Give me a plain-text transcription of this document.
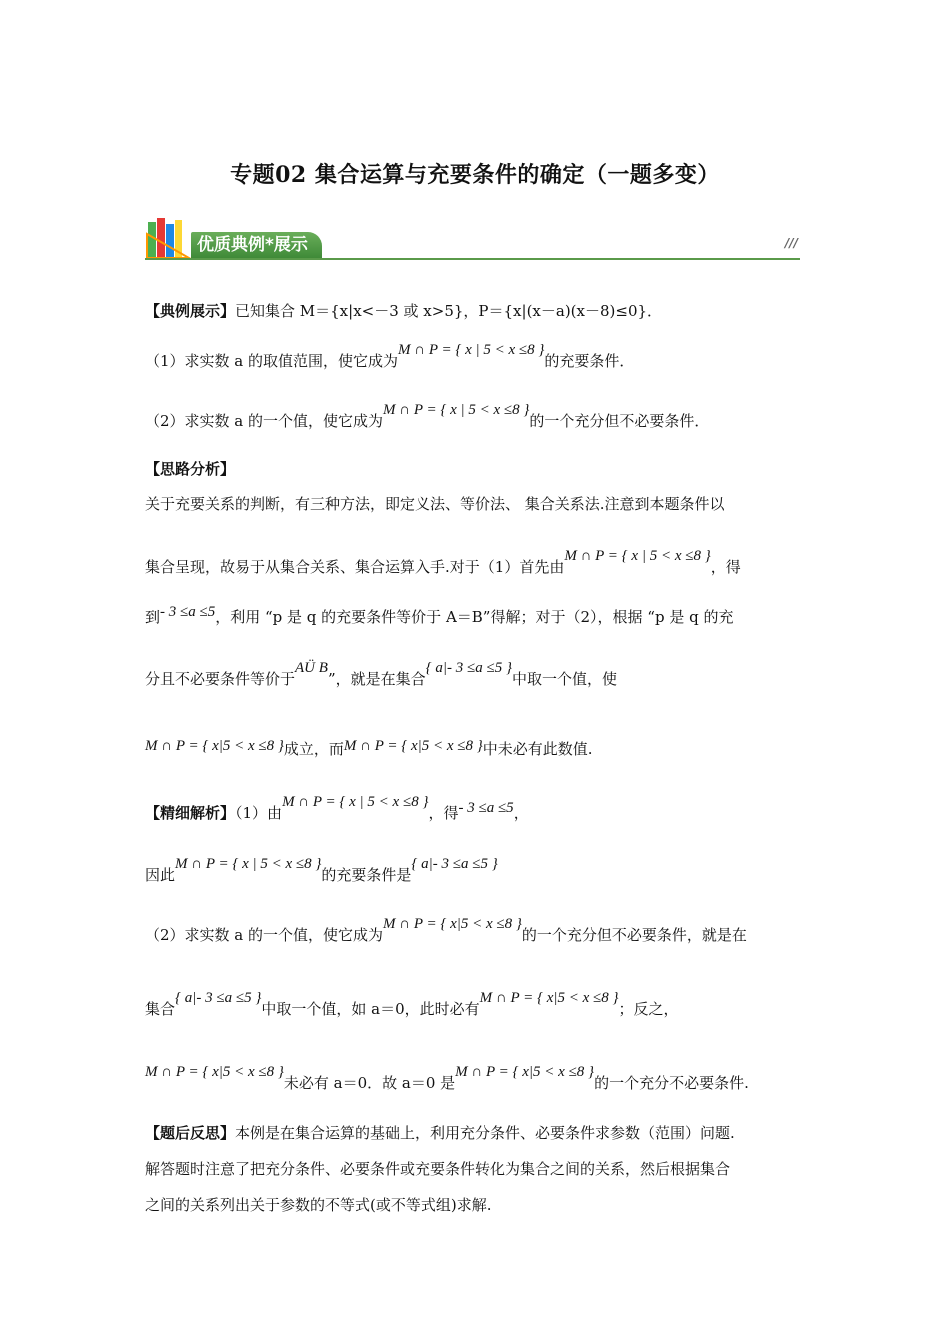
专题02 集合运算与充要条件的确定（一题多变）
优质典例*展示	///
【典例展示】已知集合 M＝{x|x<－3 或 x>5}，P＝{x|(x－a)(x－8)≤0}．
（1）求实数 a 的取值范围，使它成为M ∩ P = { x | 5 < x ≤8 }的充要条件．
（2）求实数 a 的一个值，使它成为M ∩ P = { x | 5 < x ≤8 }的一个充分但不必要条件．
【思路分析】
关于充要关系的判断，有三种方法，即定义法、等价法、 集合关系法.注意到本题条件以
集合呈现，故易于从集合关系、集合运算入手.对于（1）首先由M ∩ P = { x | 5 < x ≤8 }，得
到- 3 ≤a ≤5，利用 “p 是 q 的充要条件等价于 A＝B”得解；对于（2），根据 “p 是 q 的充
分且不必要条件等价于AÜ B”，就是在集合{ a|- 3 ≤a ≤5 }中取一个值，使
M ∩ P = { x|5 < x ≤8 }成立，而M ∩ P = { x|5 < x ≤8 }中未必有此数值.
【精细解析】（1）由M ∩ P = { x | 5 < x ≤8 }，得- 3 ≤a ≤5，
因此M ∩ P = { x | 5 < x ≤8 }的充要条件是{ a|- 3 ≤a ≤5 }
（2）求实数 a 的一个值，使它成为M ∩ P = { x|5 < x ≤8 }的一个充分但不必要条件，就是在
集合{ a|- 3 ≤a ≤5 }中取一个值，如 a＝0，此时必有M ∩ P = { x|5 < x ≤8 }；反之，
M ∩ P = { x|5 < x ≤8 }未必有 a＝0．故 a＝0 是M ∩ P = { x|5 < x ≤8 }的一个充分不必要条件.
【题后反思】本例是在集合运算的基础上，利用充分条件、必要条件求参数（范围）问题.
解答题时注意了把充分条件、必要条件或充要条件转化为集合之间的关系，然后根据集合
之间的关系列出关于参数的不等式(或不等式组)求解.
